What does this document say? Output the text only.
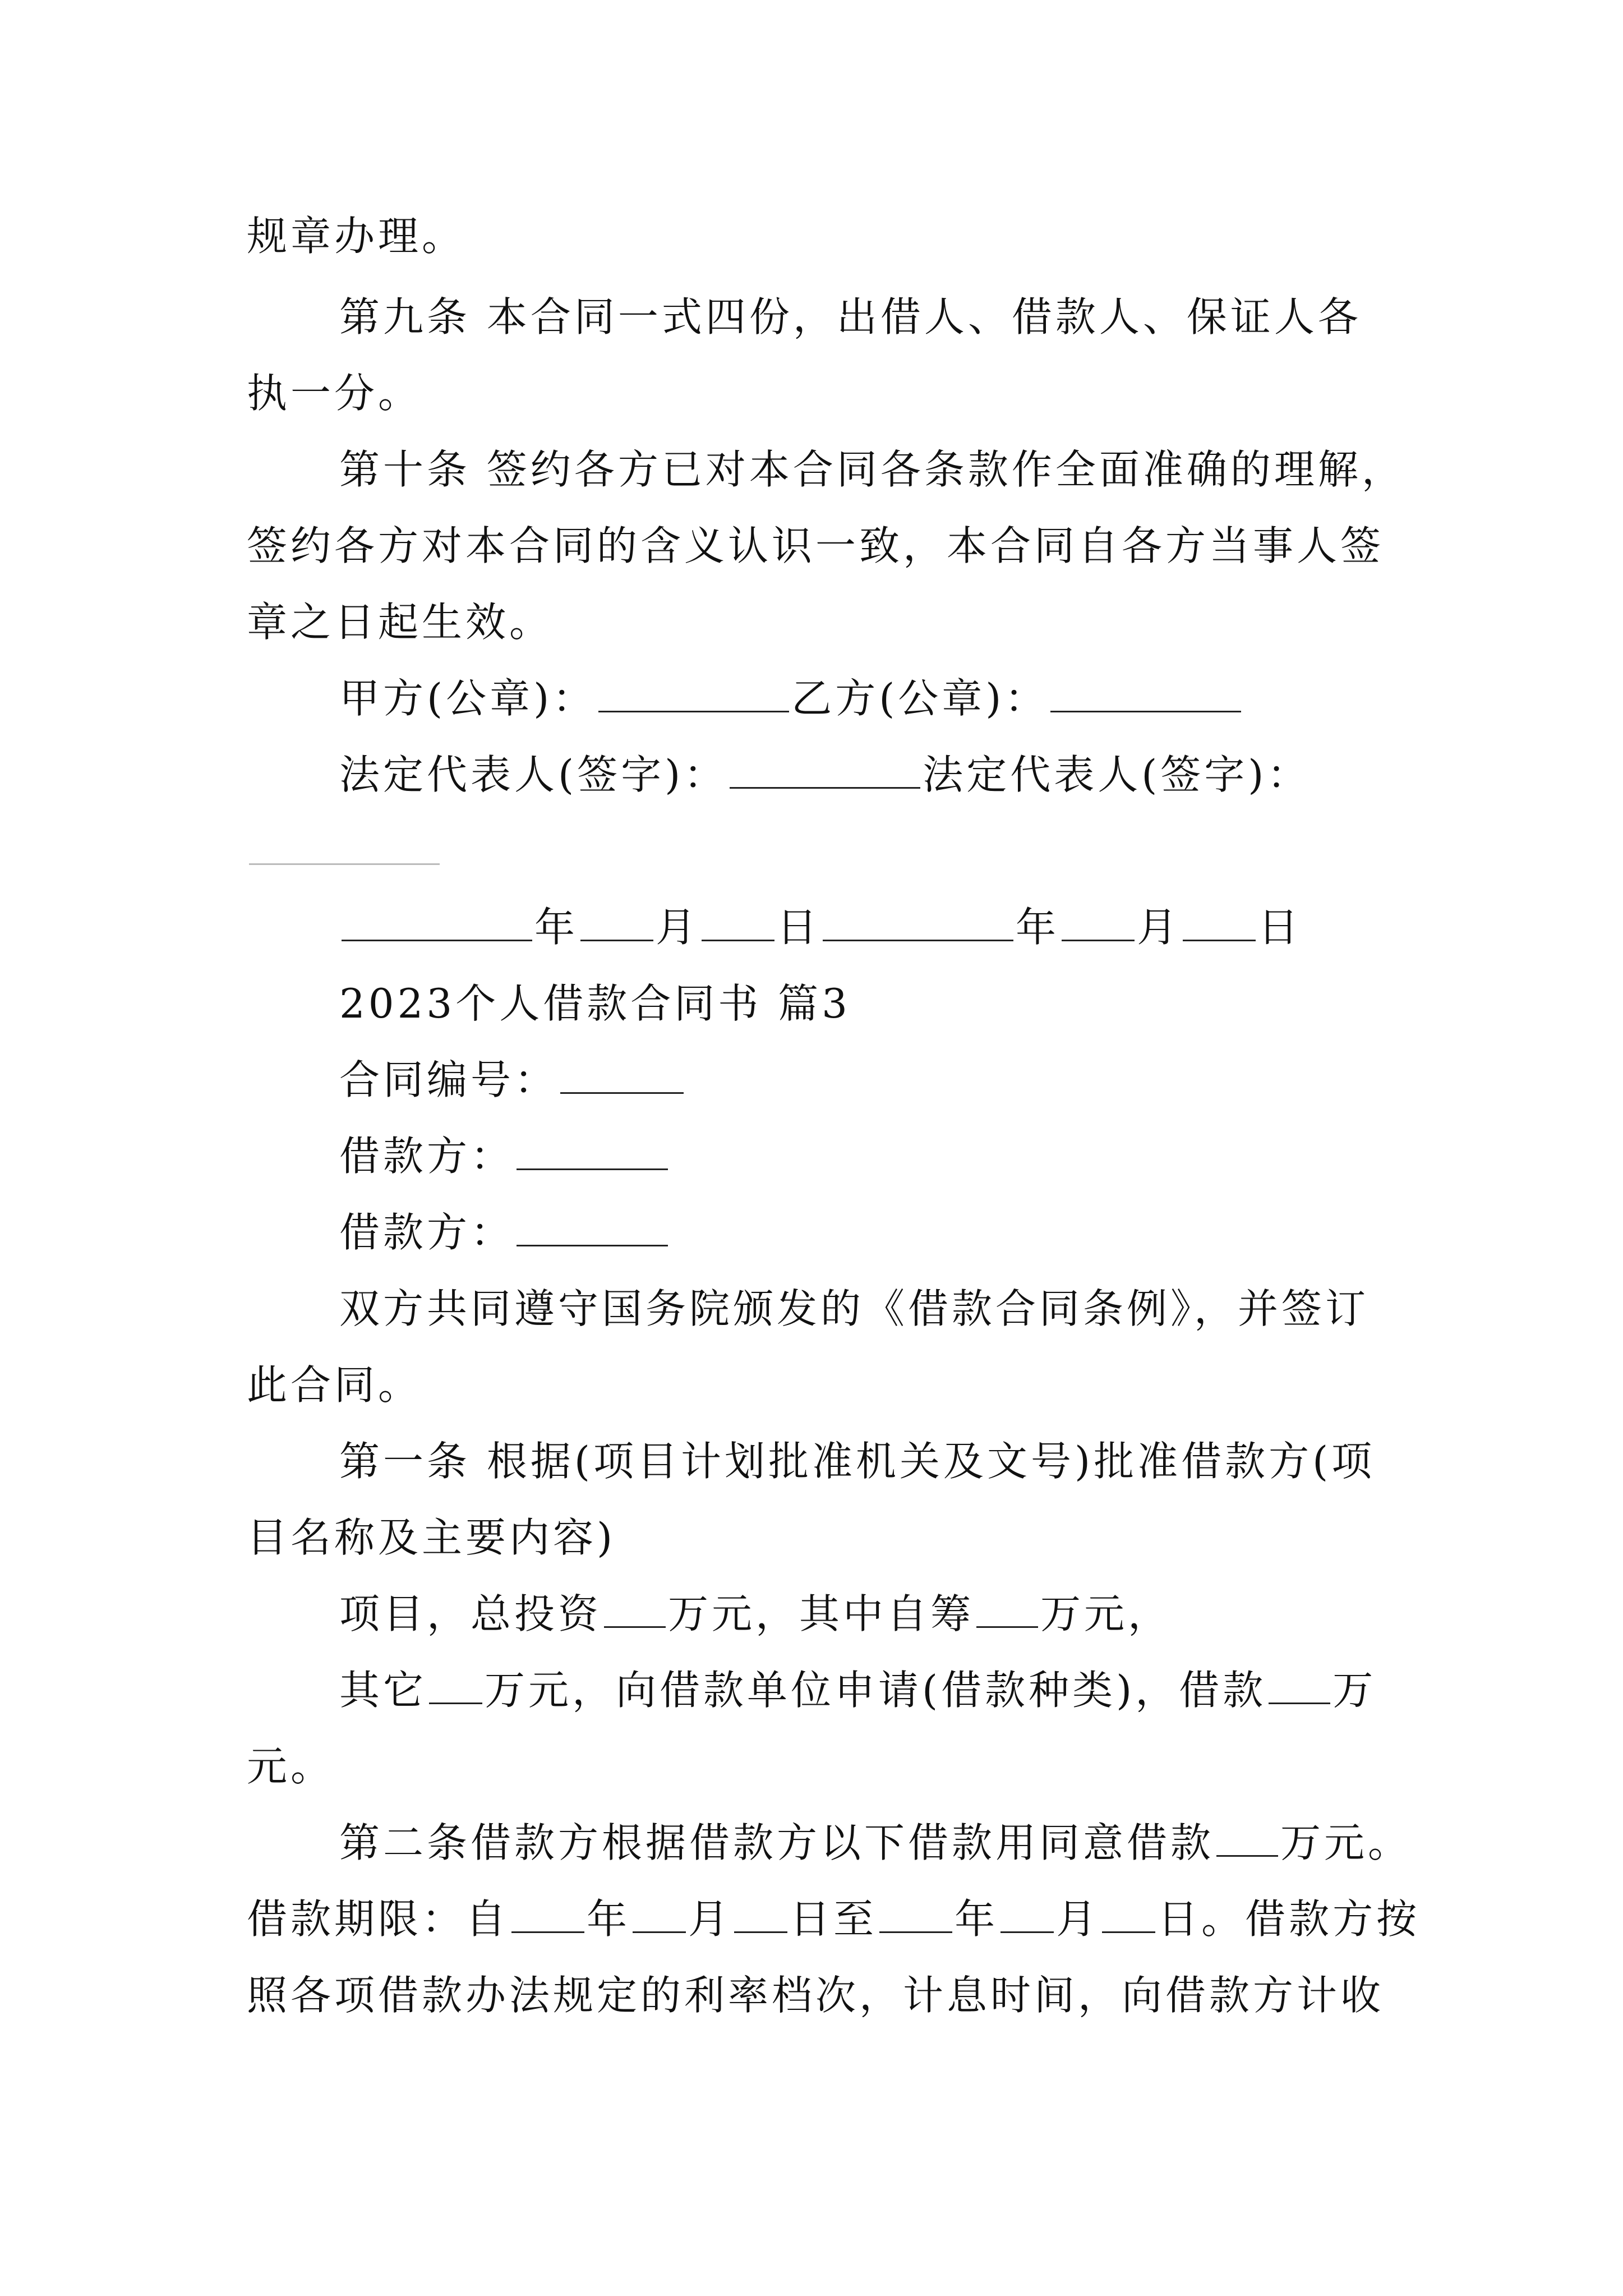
规章办理。
第九条 本合同一式四份，出借人、借款人、保证人各
执一分。
第十条 签约各方已对本合同各条款作全面准确的理解，
签约各方对本合同的含义认识一致，本合同自各方当事人签
章之日起生效。
甲方(公章)：	乙方(公章)：
法定代表人(签字)：	法定代表人(签字)：
年 月 日	年 月 日
2023个人借款合同书 篇3
合同编号：
借款方：
借款方：
双方共同遵守国务院颁发的《借款合同条例》，并签订
此合同。
第一条 根据(项目计划批准机关及文号)批准借款方(项
目名称及主要内容)
项目，总投资 万元，其中自筹 万元，
其它 万元，向借款单位申请(借款种类)，借款 万
元。
第二条借款方根据借款方以下借款用同意借款 万元。
借款期限：自 年 月 日至 年 月 日。借款方按
照各项借款办法规定的利率档次，计息时间，向借款方计收
